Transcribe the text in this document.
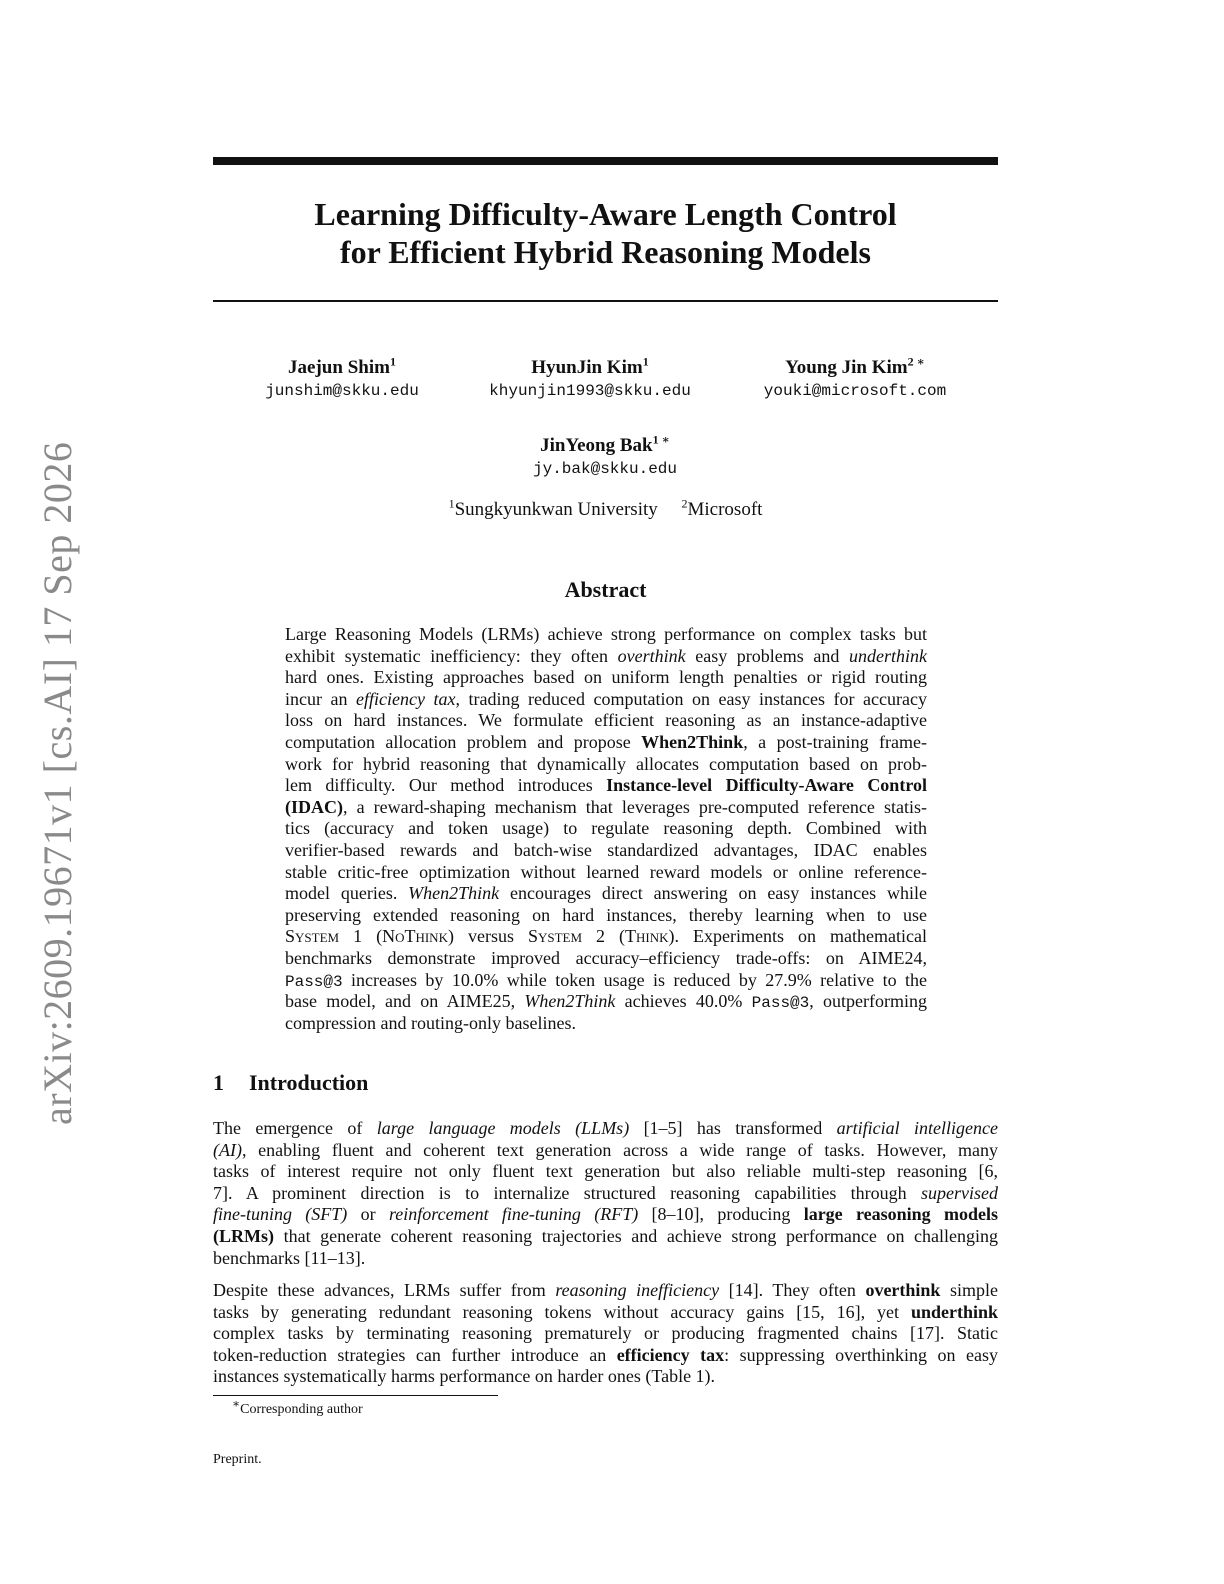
arXiv:2609.19671v1 [cs.AI] 17 Sep 2026
Learning Difficulty-Aware Length Control
for Efficient Hybrid Reasoning Models
Jaejun Shim$^1$
junshim@skku.edu
HyunJin Kim$^1$
khyunjin1993@skku.edu
Young Jin Kim$^{2 ∗}$
youki@microsoft.com
JinYeong Bak$^{1 ∗}$
jy.bak@skku.edu
$^1$Sungkyunkwan University $^2$Microsoft
Abstract
Large Reasoning Models (LRMs) achieve strong performance on complex tasks but
exhibit systematic inefficiency: they often overthink easy problems and underthink
hard ones. Existing approaches based on uniform length penalties or rigid routing
incur an efficiency tax, trading reduced computation on easy instances for accuracy
loss on hard instances. We formulate efficient reasoning as an instance-adaptive
computation allocation problem and propose When2Think, a post-training frame-
work for hybrid reasoning that dynamically allocates computation based on prob-
lem difficulty. Our method introduces Instance-level Difficulty-Aware Control
(IDAC), a reward-shaping mechanism that leverages pre-computed reference statis-
tics (accuracy and token usage) to regulate reasoning depth. Combined with
verifier-based rewards and batch-wise standardized advantages, IDAC enables
stable critic-free optimization without learned reward models or online reference-
model queries. When2Think encourages direct answering on easy instances while
preserving extended reasoning on hard instances, thereby learning when to use
System 1 (NoThink) versus System 2 (Think). Experiments on mathematical
benchmarks demonstrate improved accuracy–efficiency trade-offs: on AIME24,
Pass@3 increases by 10.0% while token usage is reduced by 27.9% relative to the
base model, and on AIME25, When2Think achieves 40.0% Pass@3, outperforming
compression and routing-only baselines.
1 Introduction
The emergence of large language models (LLMs) [1–5] has transformed artificial intelligence
(AI), enabling fluent and coherent text generation across a wide range of tasks. However, many
tasks of interest require not only fluent text generation but also reliable multi-step reasoning [6,
7]. A prominent direction is to internalize structured reasoning capabilities through supervised
fine-tuning (SFT) or reinforcement fine-tuning (RFT) [8–10], producing large reasoning models
(LRMs) that generate coherent reasoning trajectories and achieve strong performance on challenging
benchmarks [11–13].
Despite these advances, LRMs suffer from reasoning inefficiency [14]. They often overthink simple
tasks by generating redundant reasoning tokens without accuracy gains [15, 16], yet underthink
complex tasks by terminating reasoning prematurely or producing fragmented chains [17]. Static
token-reduction strategies can further introduce an efficiency tax: suppressing overthinking on easy
instances systematically harms performance on harder ones (Table 1).
∗Corresponding author
Preprint.
